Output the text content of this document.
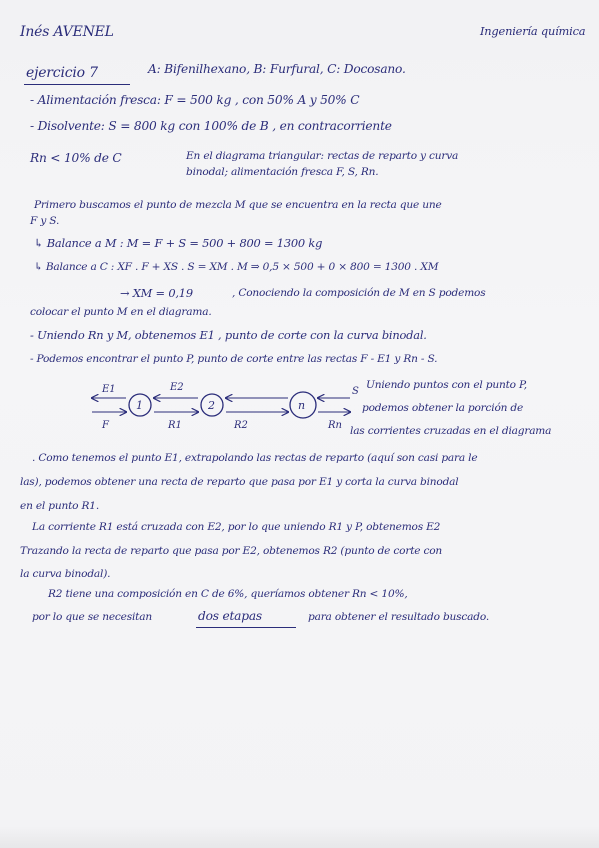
Inés AVENEL	Ingeniería química
ejercicio 7	A: Bifenilhexano, B: Furfural, C: Docosano.
- Alimentación fresca: F = 500 kg , con 50% A y 50% C
- Disolvente: S = 800 kg con 100% de B , en contracorriente
Rn < 10% de C	En el diagrama triangular: rectas de reparto y curva
binodal; alimentación fresca F, S, Rn.
Primero buscamos el punto de mezcla M que se encuentra en la recta que une
F y S.
↳ Balance a M : M = F + S = 500 + 800 = 1300 kg
↳ Balance a C : XF . F + XS . S = XM . M ⇒ 0,5 × 500 + 0 × 800 = 1300 . XM
→ XM = 0,19	, Conociendo la composición de M en S podemos
colocar el punto M en el diagrama.
- Uniendo Rn y M, obtenemos E1 , punto de corte con la curva binodal.
- Podemos encontrar el punto P, punto de corte entre las rectas F - E1 y Rn - S.
1	2	n
E1	E2	S
F	R1	R2	Rn
Uniendo puntos con el punto P,
podemos obtener la porción de
las corrientes cruzadas en el diagrama
. Como tenemos el punto E1, extrapolando las rectas de reparto (aquí son casi para le
las), podemos obtener una recta de reparto que pasa por E1 y corta la curva binodal
en el punto R1.
La corriente R1 está cruzada con E2, por lo que uniendo R1 y P, obtenemos E2
Trazando la recta de reparto que pasa por E2, obtenemos R2 (punto de corte con
la curva binodal).
R2 tiene una composición en C de 6%, queríamos obtener Rn < 10%,
por lo que se necesitan	dos etapas	para obtener el resultado buscado.
